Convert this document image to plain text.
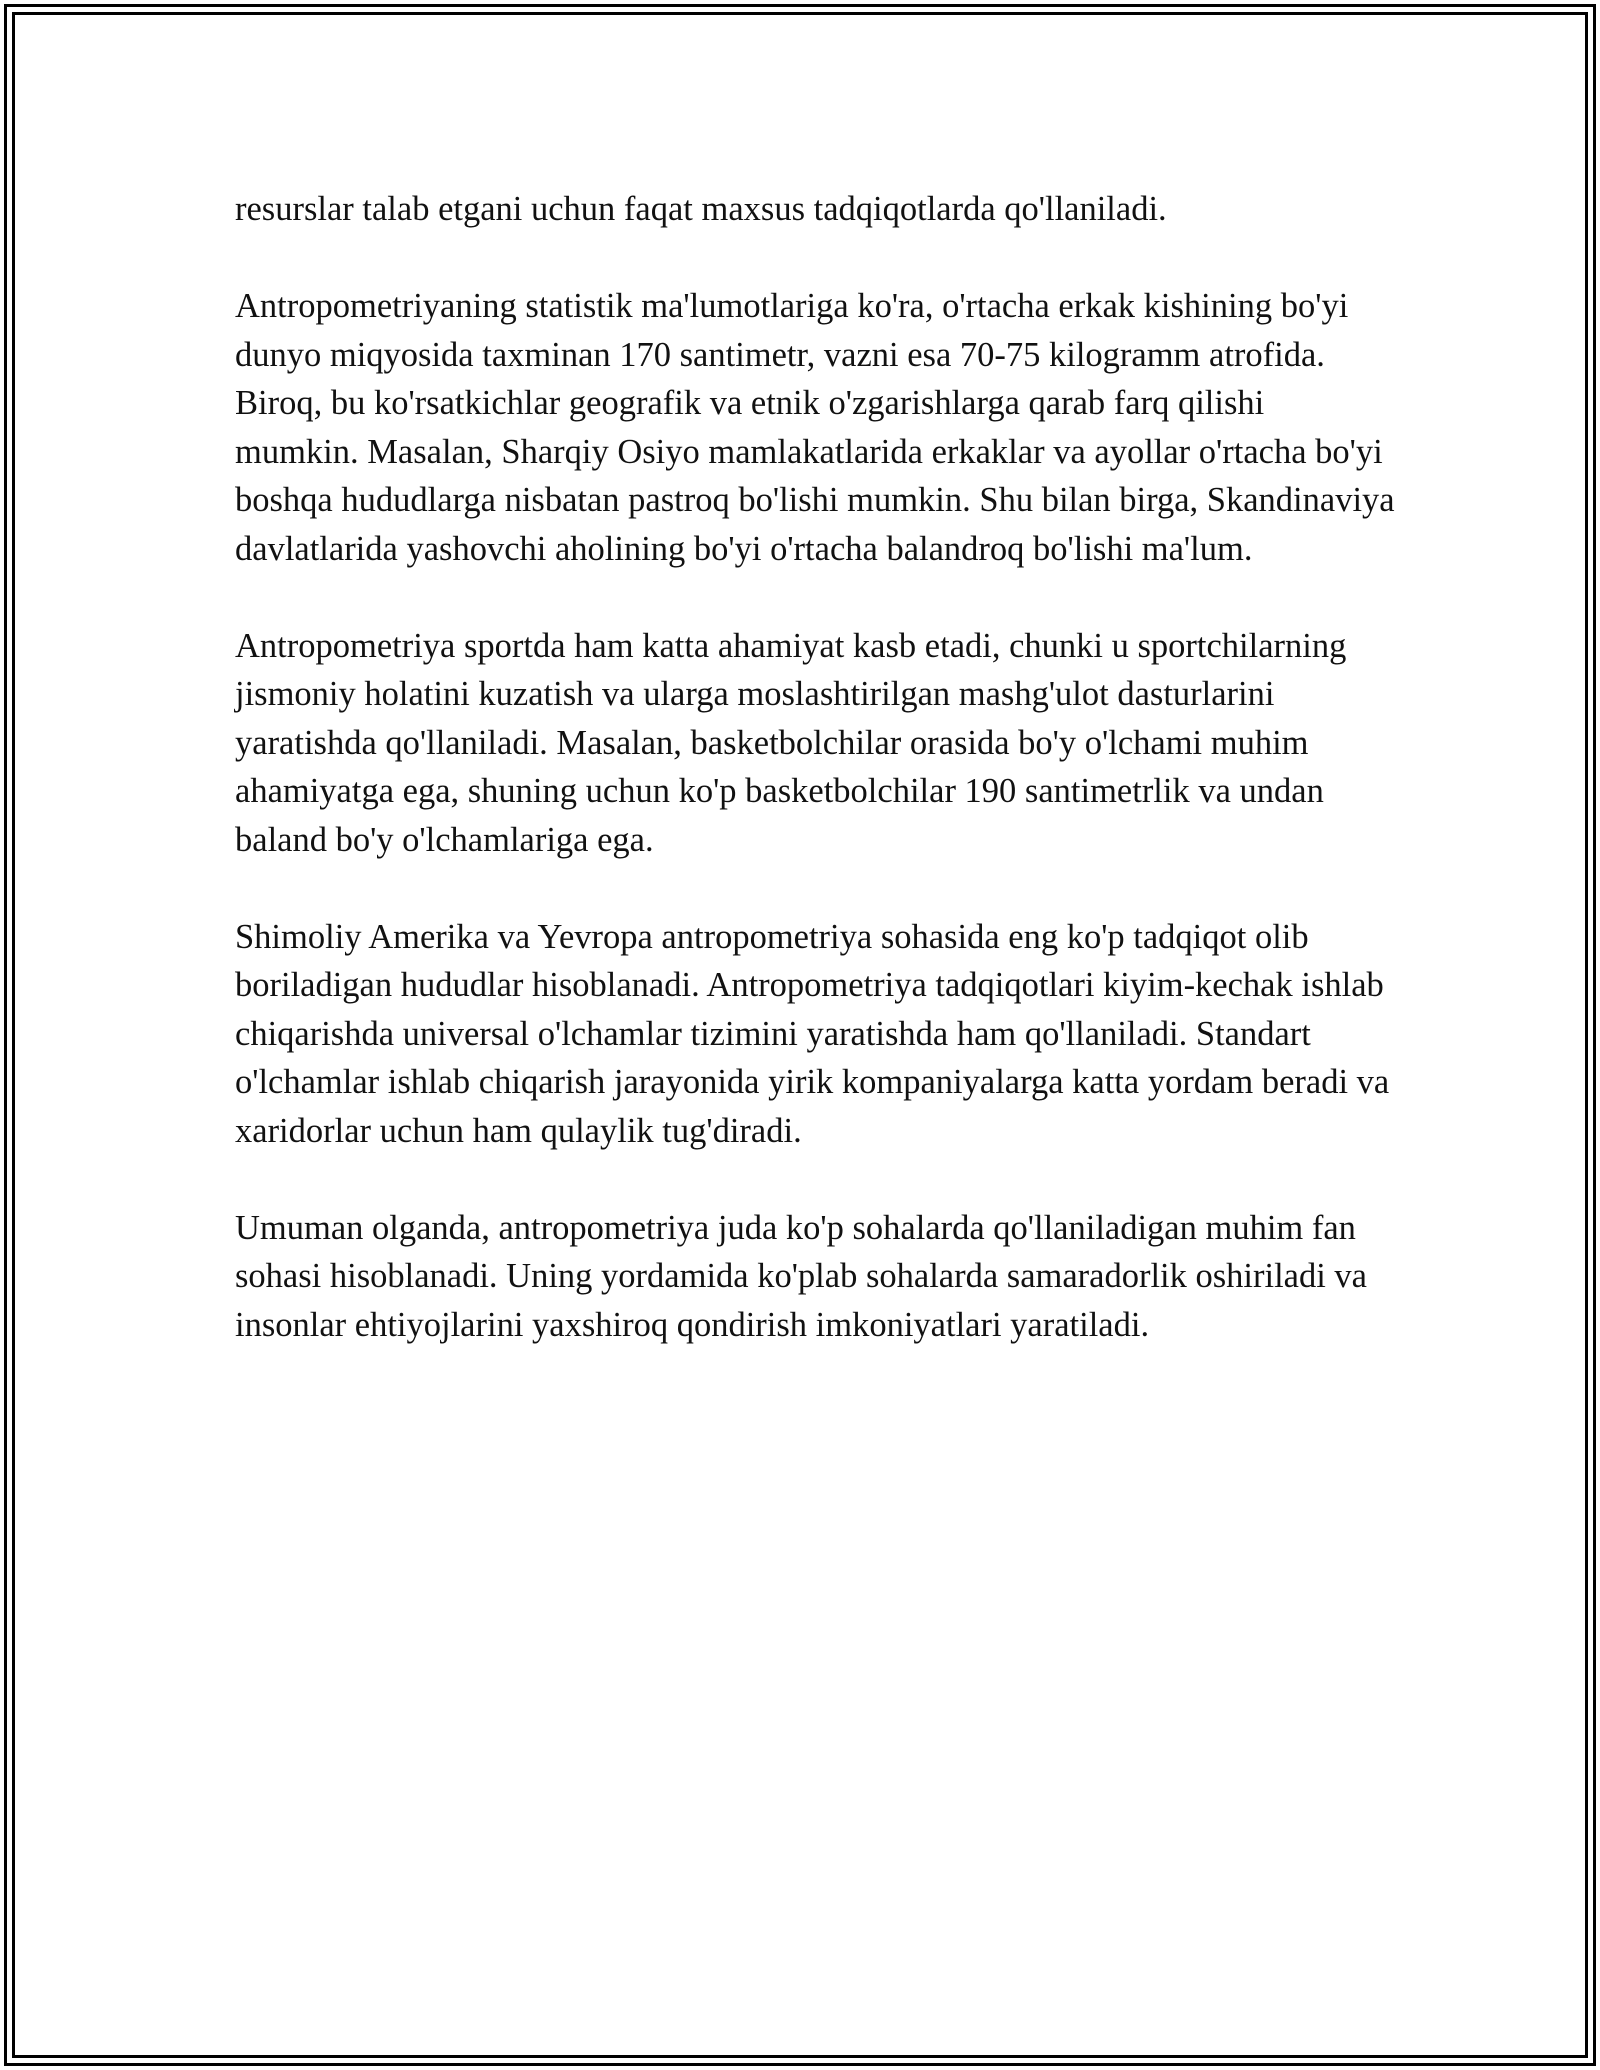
resurslar talab etgani uchun faqat maxsus tadqiqotlarda qo'llaniladi.

Antropometriyaning statistik ma'lumotlariga ko'ra, o'rtacha erkak kishining bo'yi dunyo miqyosida taxminan 170 santimetr, vazni esa 70-75 kilogramm atrofida. Biroq, bu ko'rsatkichlar geografik va etnik o'zgarishlarga qarab farq qilishi mumkin. Masalan, Sharqiy Osiyo mamlakatlarida erkaklar va ayollar o'rtacha bo'yi boshqa hududlarga nisbatan pastroq bo'lishi mumkin. Shu bilan birga, Skandinaviya davlatlarida yashovchi aholining bo'yi o'rtacha balandroq bo'lishi ma'lum.

Antropometriya sportda ham katta ahamiyat kasb etadi, chunki u sportchilarning jismoniy holatini kuzatish va ularga moslashtirilgan mashg'ulot dasturlarini yaratishda qo'llaniladi. Masalan, basketbolchilar orasida bo'y o'lchami muhim ahamiyatga ega, shuning uchun ko'p basketbolchilar 190 santimetrlik va undan baland bo'y o'lchamlariga ega.

Shimoliy Amerika va Yevropa antropometriya sohasida eng ko'p tadqiqot olib boriladigan hududlar hisoblanadi. Antropometriya tadqiqotlari kiyim-kechak ishlab chiqarishda universal o'lchamlar tizimini yaratishda ham qo'llaniladi. Standart o'lchamlar ishlab chiqarish jarayonida yirik kompaniyalarga katta yordam beradi va xaridorlar uchun ham qulaylik tug'diradi.

Umuman olganda, antropometriya juda ko'p sohalarda qo'llaniladigan muhim fan sohasi hisoblanadi. Uning yordamida ko'plab sohalarda samaradorlik oshiriladi va insonlar ehtiyojlarini yaxshiroq qondirish imkoniyatlari yaratiladi.
